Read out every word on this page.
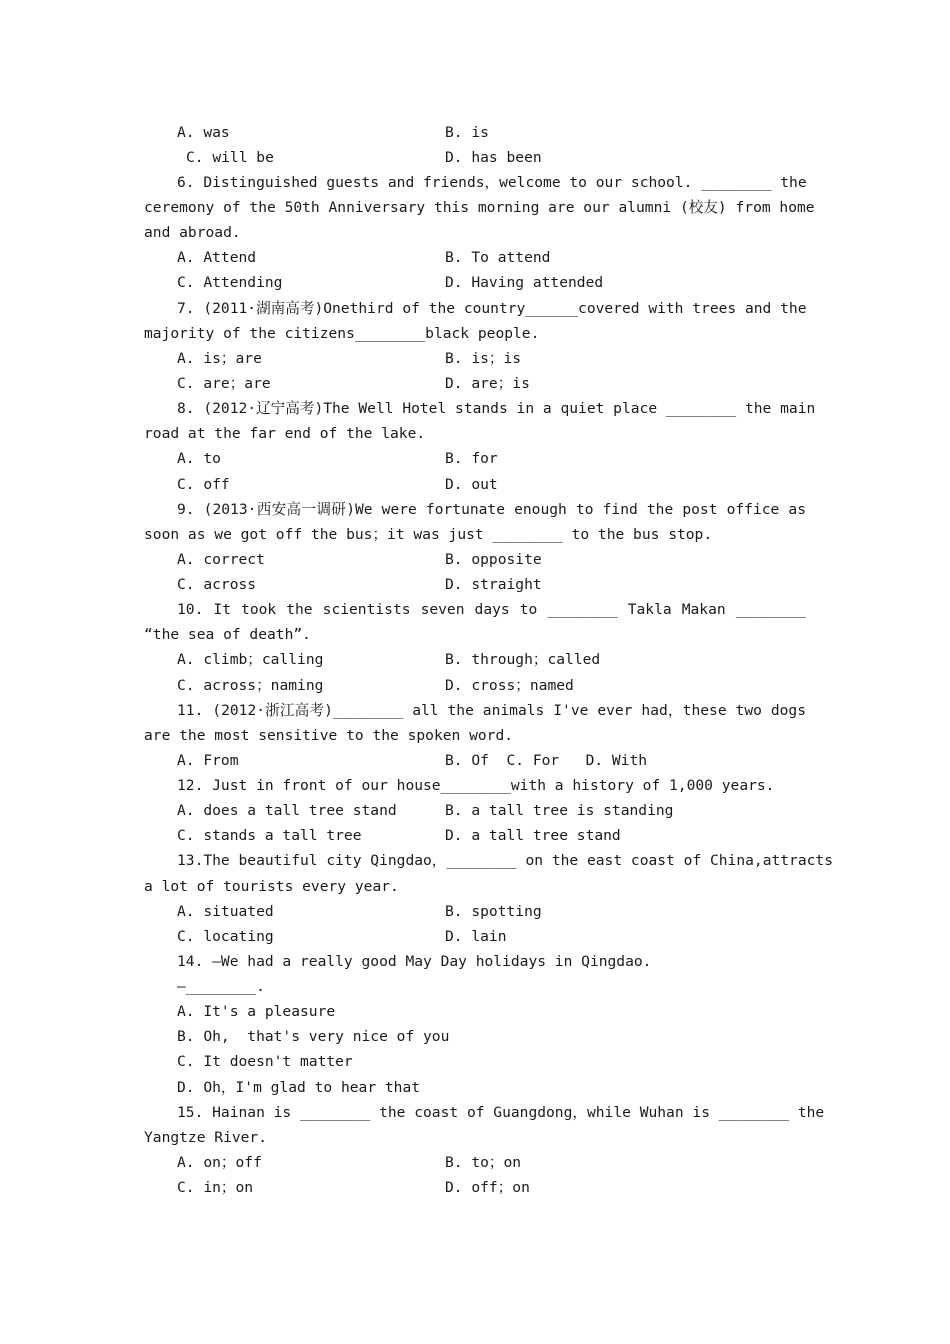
A. was	B. is
C. will be	D. has been
6. Distinguished guests and friends，welcome to our school. ________ the
ceremony of the 50th Anniversary this morning are our alumni (校友) from home
and abroad.
A. Attend	B. To attend
C. Attending	D. Having attended
7. (2011·湖南高考)Onethird of the country______covered with trees and the
majority of the citizens________black people.
A. is；are	B. is；is
C. are；are	D. are；is
8. (2012·辽宁高考)The Well Hotel stands in a quiet place ________ the main
road at the far end of the lake.
A. to	B. for
C. off	D. out
9. (2013·西安高一调研)We were fortunate enough to find the post office as
soon as we got off the bus；it was just ________ to the bus stop.
A. correct	B. opposite
C. across	D. straight
10. It took the scientists seven days to ________ Takla Makan ________
“the sea of death”.
A. climb；calling	B. through；called
C. across；naming	D. cross；named
11. (2012·浙江高考)________ all the animals I've ever had，these two dogs
are the most sensitive to the spoken word.
A. From	B. Of  C. For   D. With
12. Just in front of our house________with a history of 1,000 years.
A. does a tall tree stand	B. a tall tree is standing
C. stands a tall tree	D. a tall tree stand
13.The beautiful city Qingdao，________ on the east coast of China,attracts
a lot of tourists every year.
A. situated	B. spotting
C. locating	D. lain
14. —We had a really good May Day holidays in Qingdao.
—________.
A. It's a pleasure
B. Oh,  that's very nice of you
C. It doesn't matter
D. Oh，I'm glad to hear that
15. Hainan is ________ the coast of Guangdong，while Wuhan is ________ the
Yangtze River.
A. on；off	B. to；on
C. in；on	D. off；on
